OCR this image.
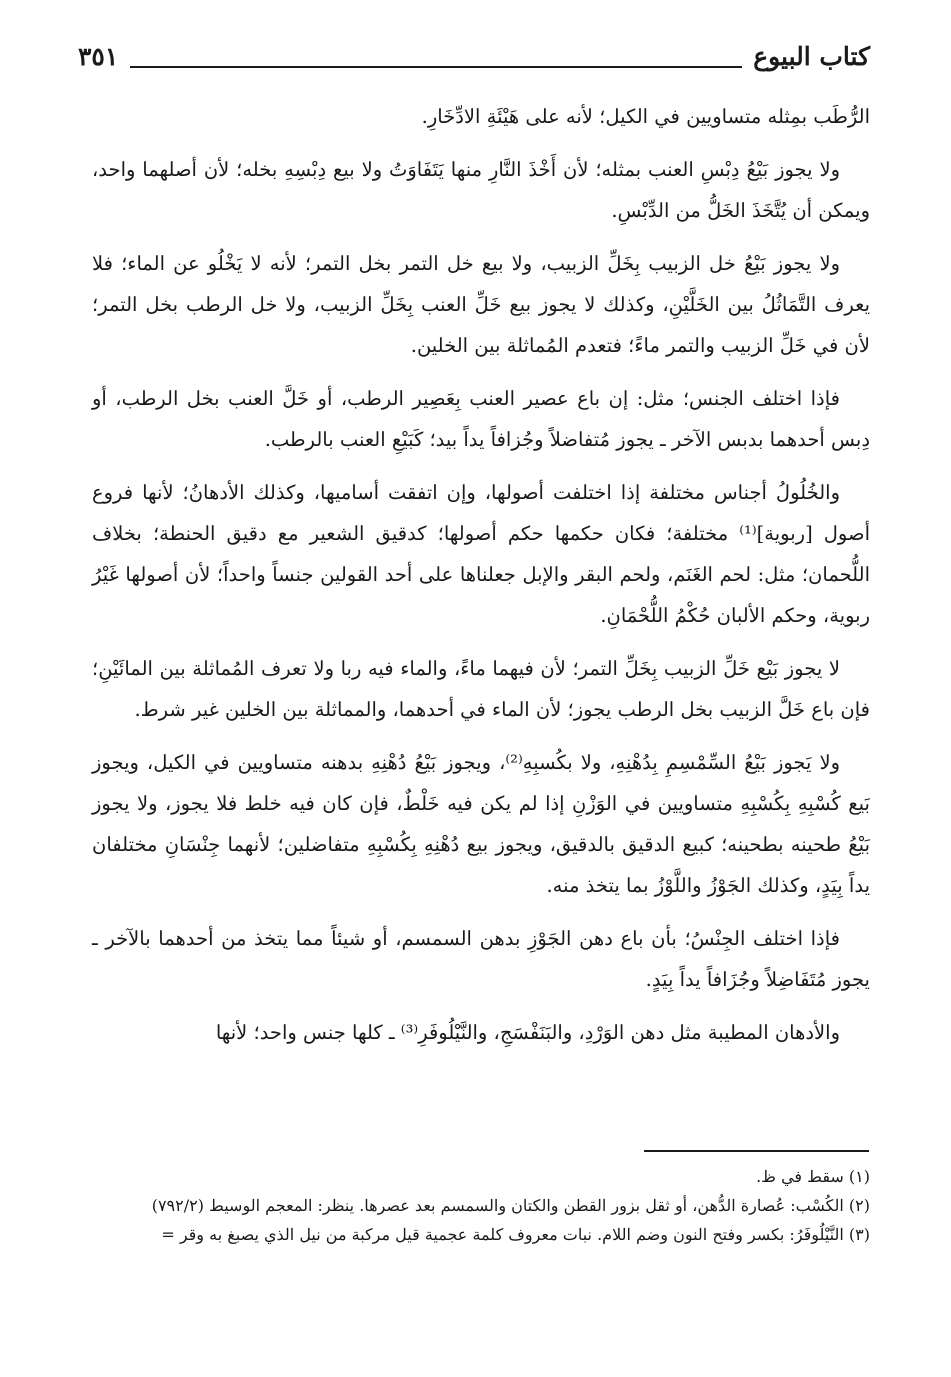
كتاب البيوع
٣٥١

الرُّطَب بمِثله متساويين في الكيل؛ لأنه على هَيْئَةِ الادِّخَارِ.

ولا يجوز بَيْعُ دِبْسِ العنب بمثله؛ لأن أَخْذَ النَّارِ منها يَتَفَاوَتُ ولا بيع دِبْسِهِ بخله؛ لأن أصلهما واحد، ويمكن أن يُتَّخَذَ الخَلُّ من الدِّبْسِ.

ولا يجوز بَيْعُ خل الزبيب بِخَلِّ الزبيب، ولا بيع خل التمر بخل التمر؛ لأنه لا يَخْلُو عن الماء؛ فلا يعرف التَّمَاثُلُ بين الخَلَّيْنِ، وكذلك لا يجوز بيع خَلِّ العنب بِخَلِّ الزبيب، ولا خل الرطب بخل التمر؛ لأن في خَلِّ الزبيب والتمر ماءً؛ فتعدم المُماثلة بين الخلين.

فإذا اختلف الجنس؛ مثل: إن باع عصير العنب بِعَصِير الرطب، أو خَلَّ العنب بخل الرطب، أو دِبس أحدهما بدبس الآخر ـ يجوز مُتفاضلاً وجُزافاً يداً بيد؛ كَبَيْعِ العنب بالرطب.

والخُلُولُ أجناس مختلفة إذا اختلفت أصولها، وإن اتفقت أساميها، وكذلك الأدهانُ؛ لأنها فروع أصول [ربوية]⁽¹⁾ مختلفة؛ فكان حكمها حكم أصولها؛ كدقيق الشعير مع دقيق الحنطة؛ بخلاف اللُّحمان؛ مثل: لحم الغَنَم، ولحم البقر والإبل جعلناها على أحد القولين جنساً واحداً؛ لأن أصولها غَيْرُ ربوية، وحكم الألبان حُكْمُ اللُّحْمَانِ.

لا يجوز بَيْع خَلِّ الزبيب بِخَلِّ التمر؛ لأن فيهما ماءً، والماء فيه ربا ولا تعرف المُماثلة بين المائَيْنِ؛ فإن باع خَلَّ الزبيب بخل الرطب يجوز؛ لأن الماء في أحدهما، والمماثلة بين الخلين غير شرط.

ولا يَجوز بَيْعُ السِّمْسِمِ بِدُهْنِهِ، ولا بكُسبِهِ⁽²⁾، ويجوز بَيْعُ دُهْنِهِ بدهنه متساويين في الكيل، ويجوز بَيع كُسْبِهِ بِكُسْبِهِ متساويين في الوَزْنِ إذا لم يكن فيه خَلْطٌ، فإن كان فيه خلط فلا يجوز، ولا يجوز بَيْعُ طحينه بطحينه؛ كبيع الدقيق بالدقيق، ويجوز بيع دُهْنِهِ بِكُسْبِهِ متفاضلين؛ لأنهما جِنْسَانِ مختلفان يداً بِيَدٍ، وكذلك الجَوْزُ واللَّوْزُ بما يتخذ منه.

فإذا اختلف الجِنْسُ؛ بأن باع دهن الجَوْزِ بدهن السمسم، أو شيئاً مما يتخذ من أحدهما بالآخر ـ يجوز مُتَفَاضِلاً وجُزَافاً يداً بِيَدٍ.

والأدهان المطيبة مثل دهن الوَرْدِ، والبَنَفْسَجِ، والنَّيْلُوفَرِ⁽³⁾ ـ كلها جنس واحد؛ لأنها

(١) سقط في ظ.

(٢) الكُسْب: عُصارة الدُّهن، أو ثقل بزور القطن والكتان والسمسم بعد عصرها. ينظر: المعجم الوسيط (٧٩٢/٢)

(٣) النَّيْلُوفَرُ: بكسر وفتح النون وضم اللام. نبات معروف كلمة عجمية قيل مركبة من نيل الذي يصبغ به وقر =
